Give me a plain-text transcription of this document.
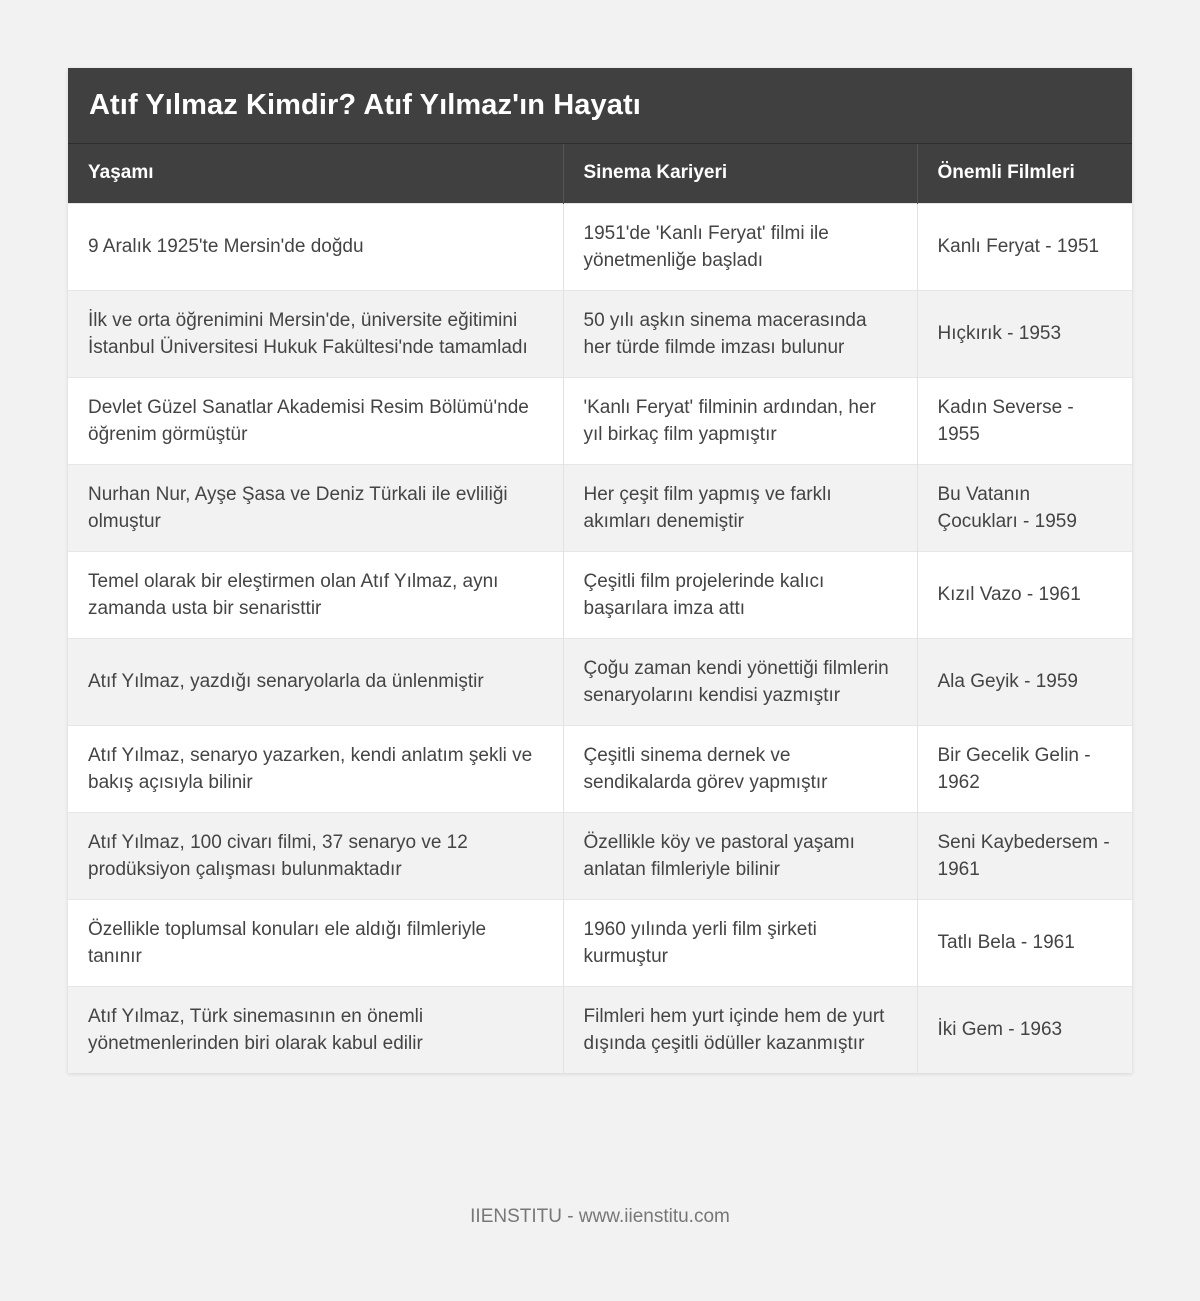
Atıf Yılmaz Kimdir? Atıf Yılmaz'ın Hayatı
Yaşamı	Sinema Kariyeri	Önemli Filmleri
9 Aralık 1925'te Mersin'de doğdu	1951'de 'Kanlı Feryat' filmi ile yönetmenliğe başladı	Kanlı Feryat - 1951
İlk ve orta öğrenimini Mersin'de, üniversite eğitimini İstanbul Üniversitesi Hukuk Fakültesi'nde tamamladı	50 yılı aşkın sinema macerasında her türde filmde imzası bulunur	Hıçkırık - 1953
Devlet Güzel Sanatlar Akademisi Resim Bölümü'nde öğrenim görmüştür	'Kanlı Feryat' filminin ardından, her yıl birkaç film yapmıştır	Kadın Severse - 1955
Nurhan Nur, Ayşe Şasa ve Deniz Türkali ile evliliği olmuştur	Her çeşit film yapmış ve farklı akımları denemiştir	Bu Vatanın Çocukları - 1959
Temel olarak bir eleştirmen olan Atıf Yılmaz, aynı zamanda usta bir senaristtir	Çeşitli film projelerinde kalıcı başarılara imza attı	Kızıl Vazo - 1961
Atıf Yılmaz, yazdığı senaryolarla da ünlenmiştir	Çoğu zaman kendi yönettiği filmlerin senaryolarını kendisi yazmıştır	Ala Geyik - 1959
Atıf Yılmaz, senaryo yazarken, kendi anlatım şekli ve bakış açısıyla bilinir	Çeşitli sinema dernek ve sendikalarda görev yapmıştır	Bir Gecelik Gelin - 1962
Atıf Yılmaz, 100 civarı filmi, 37 senaryo ve 12 prodüksiyon çalışması bulunmaktadır	Özellikle köy ve pastoral yaşamı anlatan filmleriyle bilinir	Seni Kaybedersem - 1961
Özellikle toplumsal konuları ele aldığı filmleriyle tanınır	1960 yılında yerli film şirketi kurmuştur	Tatlı Bela - 1961
Atıf Yılmaz, Türk sinemasının en önemli yönetmenlerinden biri olarak kabul edilir	Filmleri hem yurt içinde hem de yurt dışında çeşitli ödüller kazanmıştır	İki Gem - 1963
IIENSTITU - www.iienstitu.com
